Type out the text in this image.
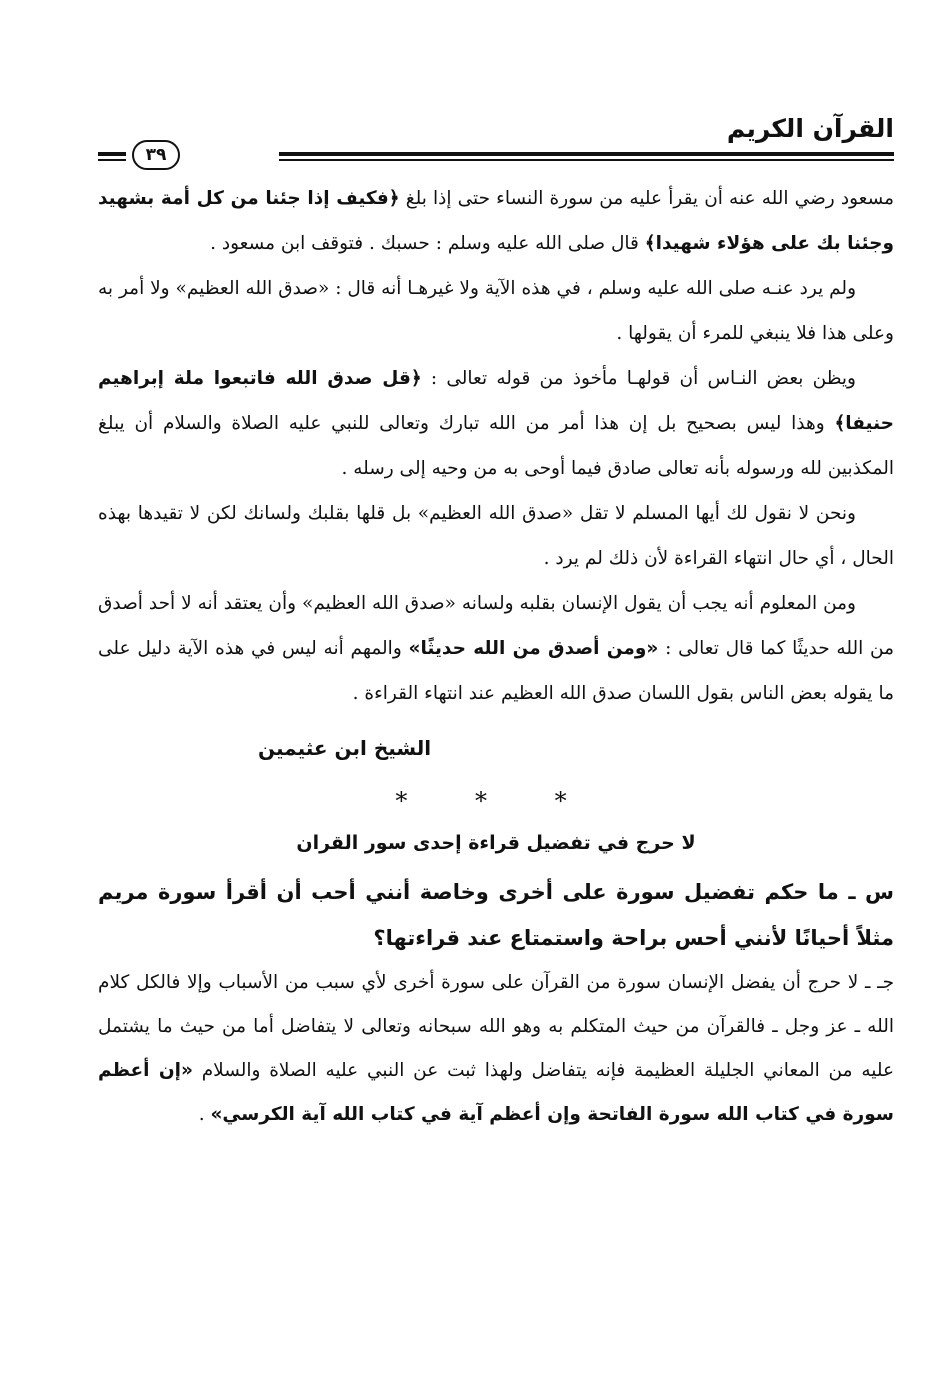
القرآن الكريم
٣٩

مسعود رضي الله عنه أن يقرأ عليه من سورة النساء حتى إذا بلغ ﴿فكيف إذا جئنا من كل أمة بشهيد وجئنا بك على هؤلاء شهيدا﴾ قال صلى الله عليه وسلم : حسبك . فتوقف ابن مسعود .

ولم يرد عنـه صلى الله عليه وسلم ، في هذه الآية ولا غيرهـا أنه قال : «صدق الله العظيم» ولا أمر به وعلى هذا فلا ينبغي للمرء أن يقولها .

ويظن بعض النـاس أن قولهـا مأخوذ من قوله تعالى : ﴿قل صدق الله فاتبعوا ملة إبراهيم حنيفا﴾ وهذا ليس بصحيح بل إن هذا أمر من الله تبارك وتعالى للنبي عليه الصلاة والسلام أن يبلغ المكذبين لله ورسوله بأنه تعالى صادق فيما أوحى به من وحيه إلى رسله .

ونحن لا نقول لك أيها المسلم لا تقل «صدق الله العظيم» بل قلها بقلبك ولسانك لكن لا تقيدها بهذه الحال ، أي حال انتهاء القراءة لأن ذلك لم يرد .

ومن المعلوم أنه يجب أن يقول الإنسان بقلبه ولسانه «صدق الله العظيم» وأن يعتقد أنه لا أحد أصدق من الله حديثًا كما قال تعالى : «ومن أصدق من الله حديثًا» والمهم أنه ليس في هذه الآية دليل على ما يقوله بعض الناس بقول اللسان صدق الله العظيم عند انتهاء القراءة .

الشيخ ابن عثيمين

* * *

لا حرج في تفضيل قراءة إحدى سور القران

س ـ ما حكم تفضيل سورة على أخرى وخاصة أنني أحب أن أقرأ سورة مريم مثلاً أحيانًا لأنني أحس براحة واستمتاع عند قراءتها؟

جـ ـ لا حرج أن يفضل الإنسان سورة من القرآن على سورة أخرى لأي سبب من الأسباب وإلا فالكل كلام الله ـ عز وجل ـ فالقرآن من حيث المتكلم به وهو الله سبحانه وتعالى لا يتفاضل أما من حيث ما يشتمل عليه من المعاني الجليلة العظيمة فإنه يتفاضل ولهذا ثبت عن النبي عليه الصلاة والسلام «إن أعظم سورة في كتاب الله سورة الفاتحة وإن أعظم آية في كتاب الله آية الكرسي» .
